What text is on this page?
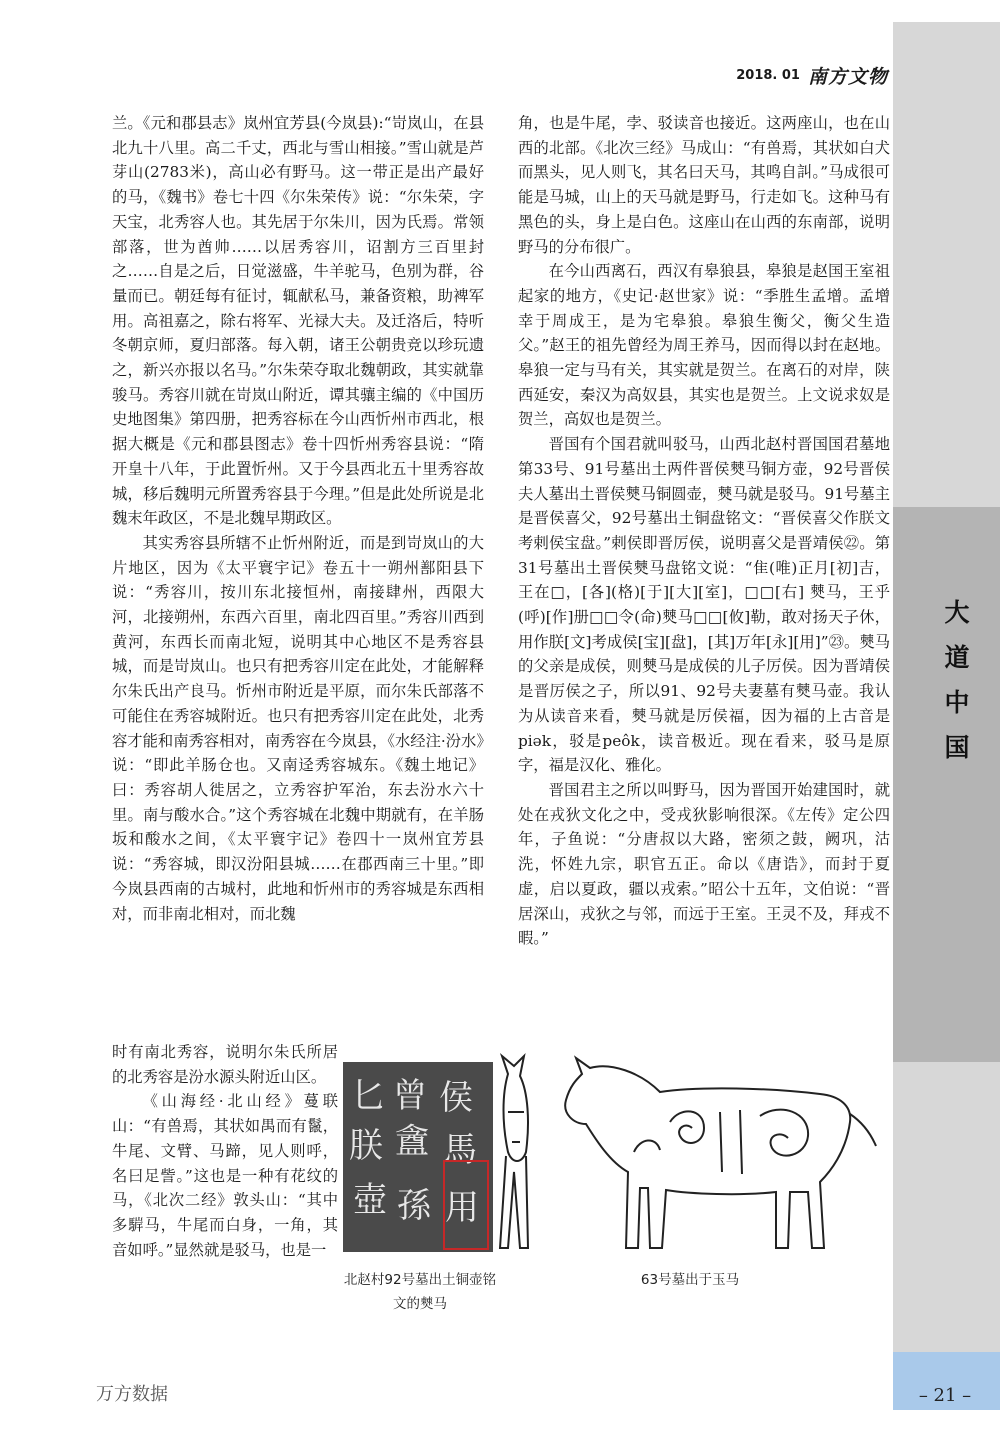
大
道
中
国
2018. 01 南方文物

兰。《元和郡县志》岚州宜芳县(今岚县):“岢岚山，在县北九十八里。高二千丈，西北与雪山相接。”雪山就是芦芽山(2783米)，高山必有野马。这一带正是出产最好的马，《魏书》卷七十四《尔朱荣传》说：“尔朱荣，字天宝，北秀容人也。其先居于尔朱川，因为氏焉。常领部落，世为酋帅……以居秀容川，诏割方三百里封之……自是之后，日觉滋盛，牛羊驼马，色别为群，谷量而已。朝廷每有征讨，辄献私马，兼备资粮，助裨军用。高祖嘉之，除右将军、光禄大夫。及迁洛后，特听冬朝京师，夏归部落。每入朝，诸王公朝贵竞以珍玩遗之，新兴亦报以名马。”尔朱荣夺取北魏朝政，其实就靠骏马。秀容川就在岢岚山附近，谭其骧主编的《中国历史地图集》第四册，把秀容标在今山西忻州市西北，根据大概是《元和郡县图志》卷十四忻州秀容县说：“隋开皇十八年，于此置忻州。又于今县西北五十里秀容故城，移后魏明元所置秀容县于今理。”但是此处所说是北魏末年政区，不是北魏早期政区。

其实秀容县所辖不止忻州附近，而是到岢岚山的大片地区，因为《太平寰宇记》卷五十一朔州鄯阳县下说：“秀容川，按川东北接恒州，南接肆州，西限大河，北接朔州，东西六百里，南北四百里。”秀容川西到黄河，东西长而南北短，说明其中心地区不是秀容县城，而是岢岚山。也只有把秀容川定在此处，才能解释尔朱氏出产良马。忻州市附近是平原，而尔朱氏部落不可能住在秀容城附近。也只有把秀容川定在此处，北秀容才能和南秀容相对，南秀容在今岚县，《水经注·汾水》说：“即此羊肠仓也。又南迳秀容城东。《魏土地记》曰：秀容胡人徙居之，立秀容护军治，东去汾水六十里。南与酸水合。”这个秀容城在北魏中期就有，在羊肠坂和酸水之间，《太平寰宇记》卷四十一岚州宜芳县说：“秀容城，即汉汾阳县城……在郡西南三十里。”即今岚县西南的古城村，此地和忻州市的秀容城是东西相对，而非南北相对，而北魏

角，也是牛尾，孛、驳读音也接近。这两座山，也在山西的北部。《北次三经》马成山：“有兽焉，其状如白犬而黑头，见人则飞，其名曰天马，其鸣自訆。”马成很可能是马城，山上的天马就是野马，行走如飞。这种马有黑色的头，身上是白色。这座山在山西的东南部，说明野马的分布很广。

在今山西离石，西汉有皋狼县，皋狼是赵国王室祖起家的地方，《史记·赵世家》说：“季胜生孟增。孟增幸于周成王，是为宅皋狼。皋狼生衡父，衡父生造父。”赵王的祖先曾经为周王养马，因而得以封在赵地。皋狼一定与马有关，其实就是贺兰。在离石的对岸，陕西延安，秦汉为高奴县，其实也是贺兰。上文说求奴是贺兰，高奴也是贺兰。

晋国有个国君就叫驳马，山西北赵村晋国国君墓地第33号、91号墓出土两件晋侯僰马铜方壶，92号晋侯夫人墓出土晋侯僰马铜圆壶，僰马就是驳马。91号墓主是晋侯喜父，92号墓出土铜盘铭文：“晋侯喜父作朕文考剌侯宝盘。”剌侯即晋厉侯，说明喜父是晋靖侯㉒。第31号墓出土晋侯僰马盘铭文说：“隹(唯)正月[初]吉，王在□，[各](格)[于][大][室]，□□[右] 僰马，王乎(呼)[作]册□□令(命)僰马□□[攸]勒，敢对扬天子休，用作朕[文]考成侯[宝][盘]，[其]万年[永][用]”㉓。僰马的父亲是成侯，则僰马是成侯的儿子厉侯。因为晋靖侯是晋厉侯之子，所以91、92号夫妻墓有僰马壶。我认为从读音来看，僰马就是厉侯福，因为福的上古音是piək，驳是peôk，读音极近。现在看来，驳马是原字，福是汉化、雅化。

晋国君主之所以叫野马，因为晋国开始建国时，就处在戎狄文化之中，受戎狄影响很深。《左传》定公四年，子鱼说：“分唐叔以大路，密须之鼓，阙巩，沽洗，怀姓九宗，职官五正。命以《唐诰》，而封于夏虚，启以夏政，疆以戎索。”昭公十五年，文伯说：“晋居深山，戎狄之与邻，而远于王室。王灵不及，拜戎不暇。”

时有南北秀容，说明尔朱氏所居的北秀容是汾水源头附近山区。

《山海经·北山经》蔓联山：“有兽焉，其状如禺而有鬣，牛尾、文臂、马蹄，见人则呼，名曰足訾。”这也是一种有花纹的马，《北次二经》敦头山：“其中多䮗马，牛尾而白身，一角，其音如呼。”显然就是驳马，也是一

匕 曾 侯
朕 盦 馬
壺 孫 用
北赵村92号墓出土铜壶铭文的僰马
63号墓出于玉马
万方数据	– 21 –
